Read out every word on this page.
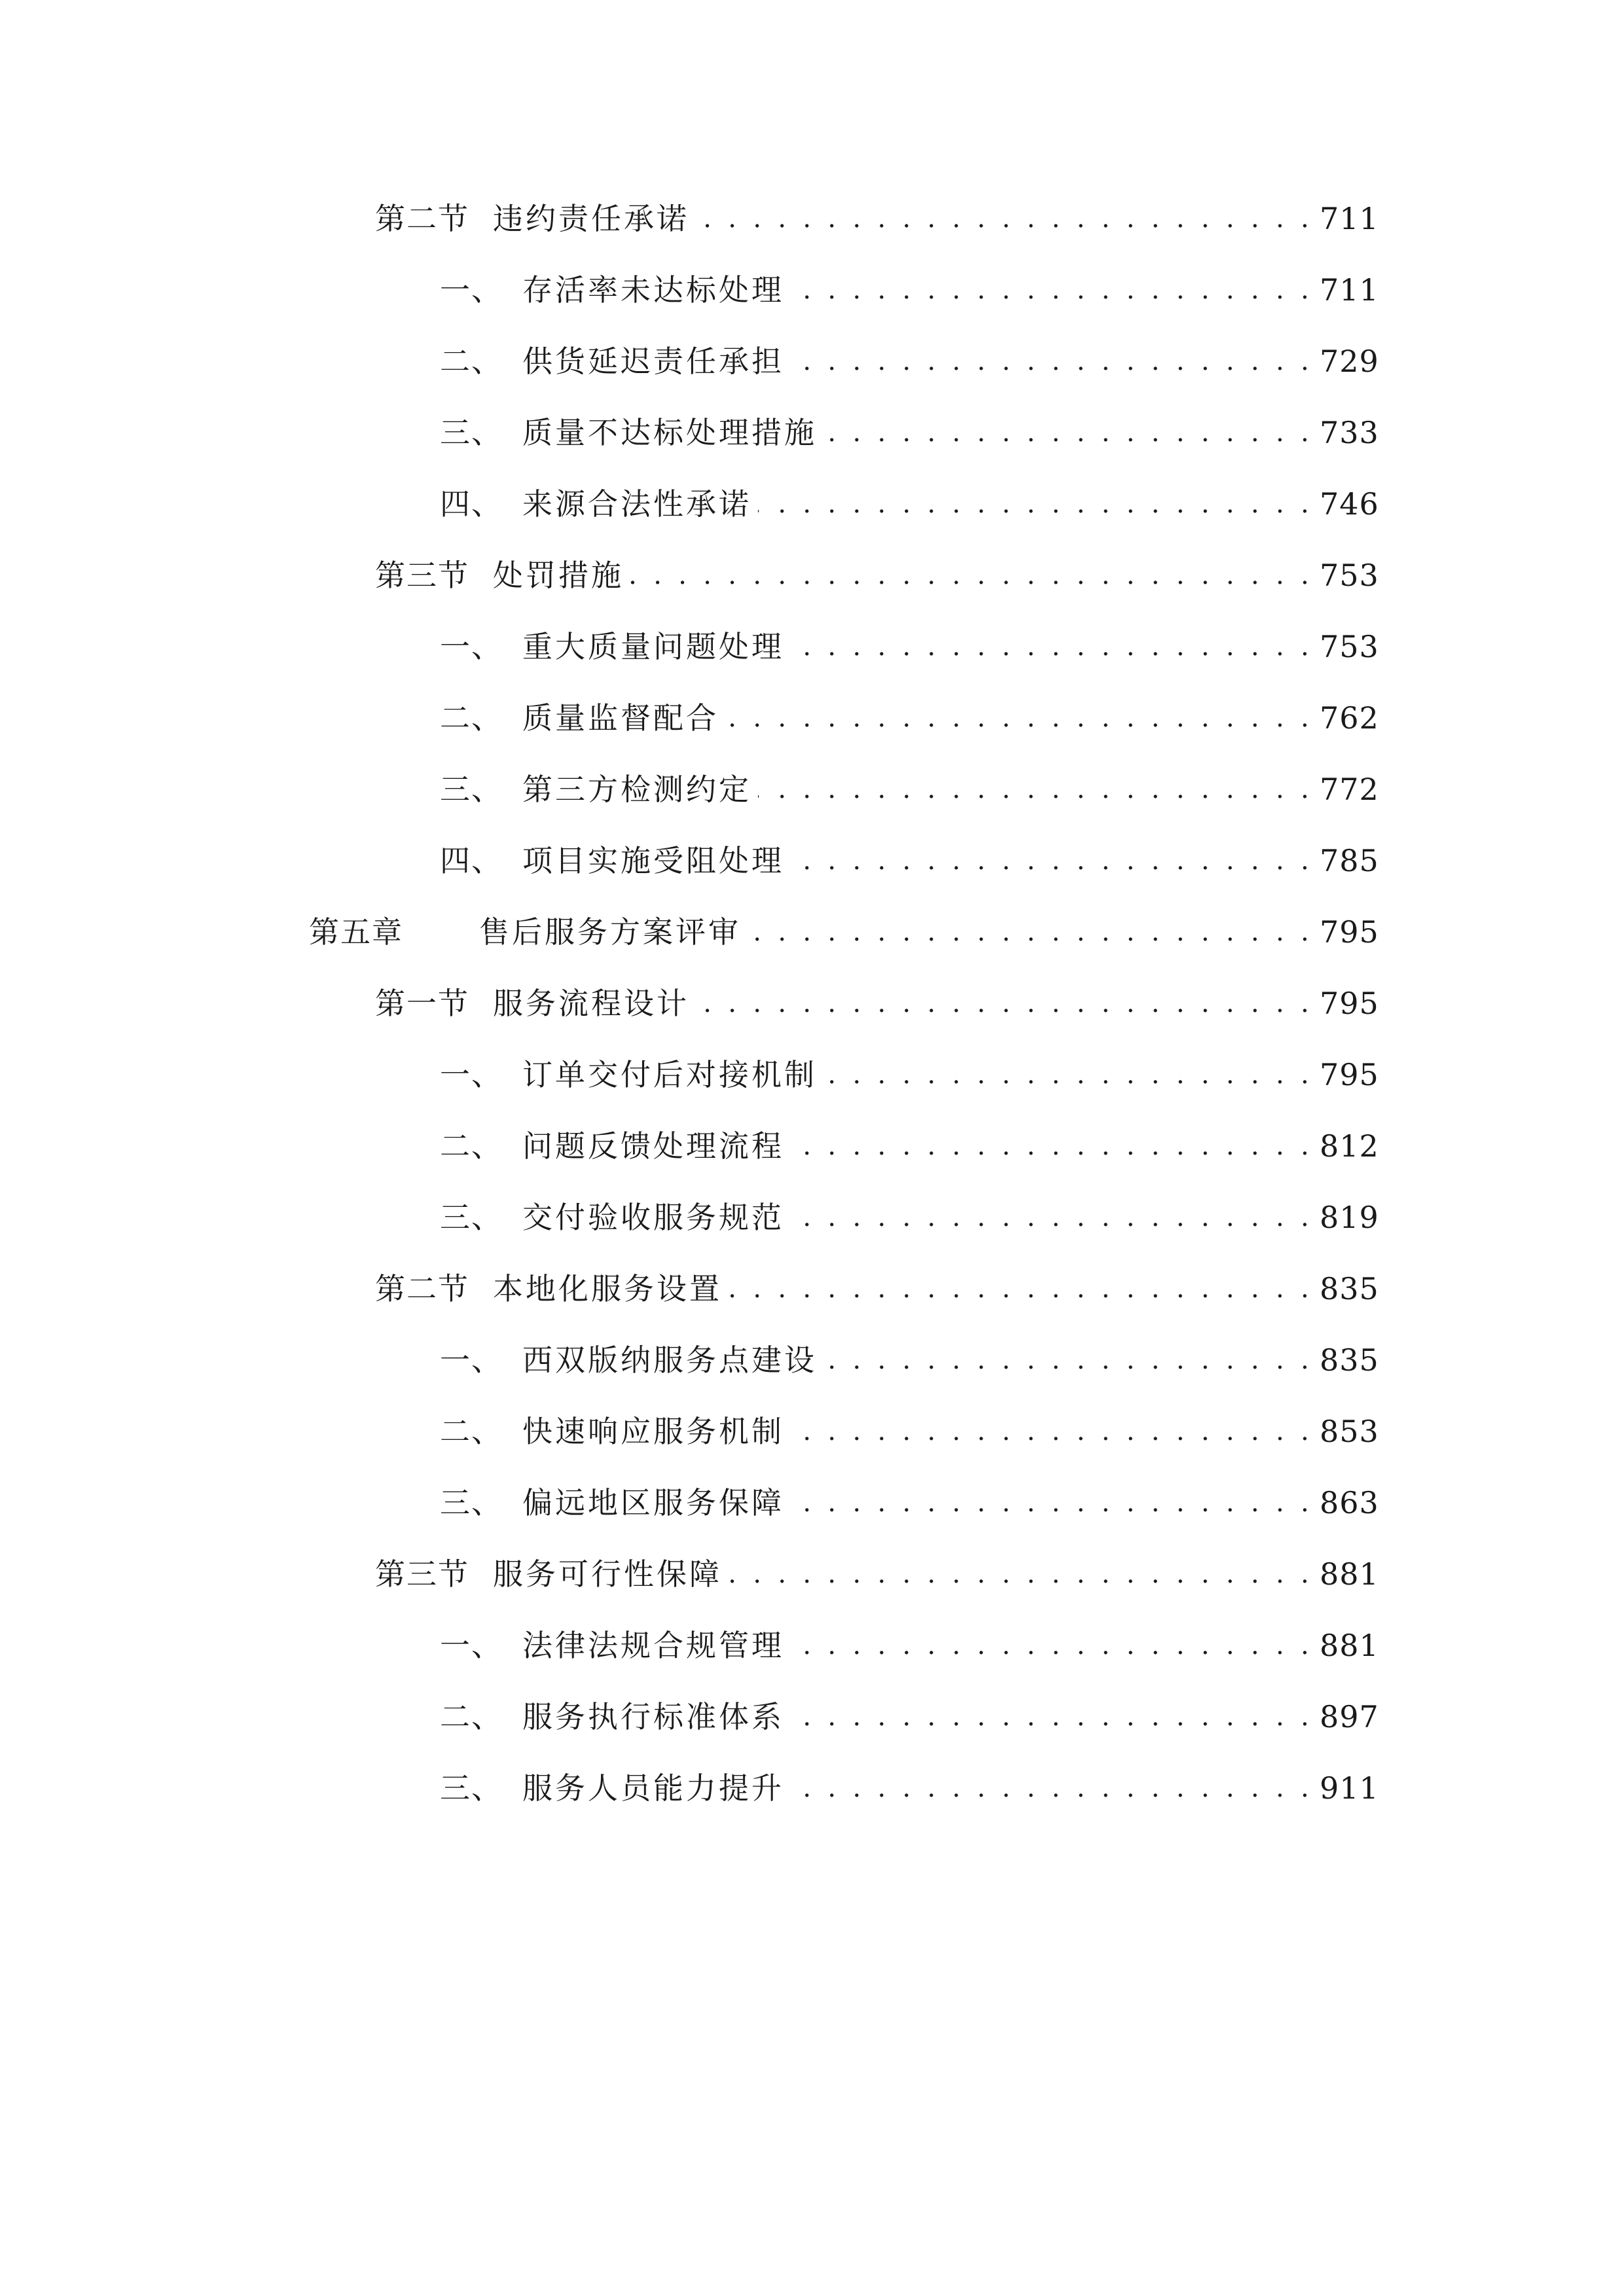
第二节 违约责任承诺 . . .	711
一、 存活率未达标处理 . . .	711
二、 供货延迟责任承担 . . .	729
三、 质量不达标处理措施 . . .	733
四、 来源合法性承诺 . . .	746
第三节 处罚措施 . . .	753
一、 重大质量问题处理 . . .	753
二、 质量监督配合 . . .	762
三、 第三方检测约定 . . .	772
四、 项目实施受阻处理 . . .	785
第五章	售后服务方案评审 . . .	795
第一节 服务流程设计 . . .	795
一、 订单交付后对接机制 . . .	795
二、 问题反馈处理流程 . . .	812
三、 交付验收服务规范 . . .	819
第二节 本地化服务设置 . . .	835
一、 西双版纳服务点建设 . . .	835
二、 快速响应服务机制 . . .	853
三、 偏远地区服务保障 . . .	863
第三节 服务可行性保障 . . .	881
一、 法律法规合规管理 . . .	881
二、 服务执行标准体系 . . .	897
三、 服务人员能力提升 . . .	911
